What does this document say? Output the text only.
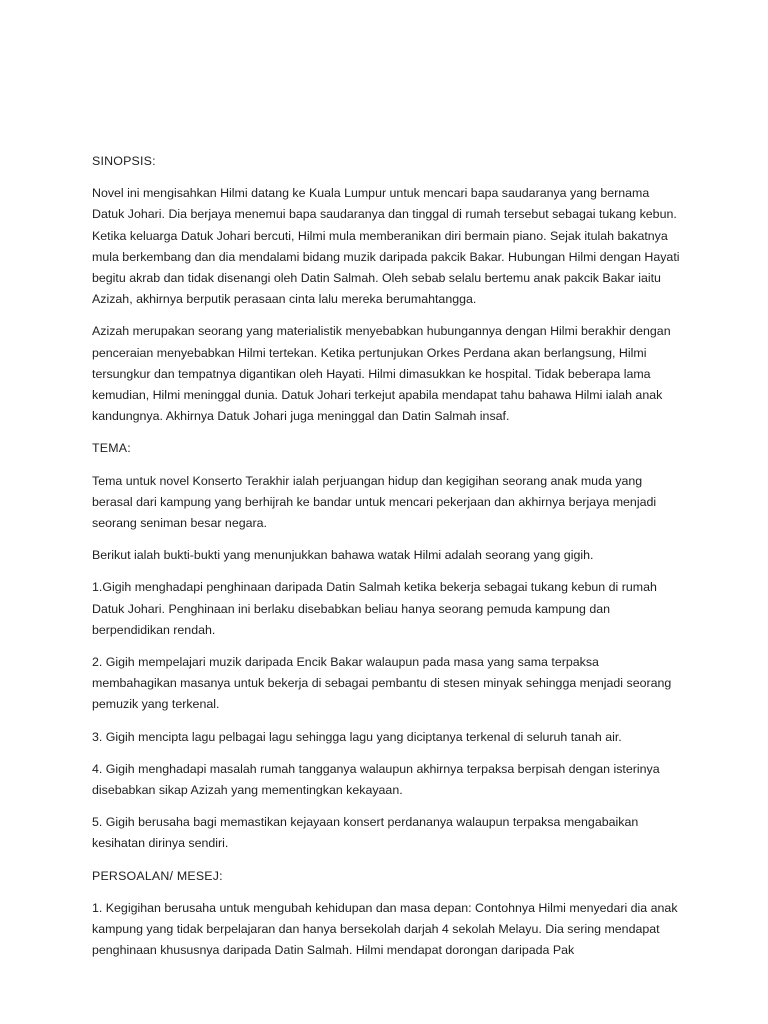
SINOPSIS:

Novel ini mengisahkan Hilmi datang ke Kuala Lumpur untuk mencari bapa saudaranya yang bernama Datuk Johari. Dia berjaya menemui bapa saudaranya dan tinggal di rumah tersebut sebagai tukang kebun. Ketika keluarga Datuk Johari bercuti, Hilmi mula memberanikan diri bermain piano. Sejak itulah bakatnya mula berkembang dan dia mendalami bidang muzik daripada pakcik Bakar. Hubungan Hilmi dengan Hayati begitu akrab dan tidak disenangi oleh Datin Salmah. Oleh sebab selalu bertemu anak pakcik Bakar iaitu Azizah, akhirnya berputik perasaan cinta lalu mereka berumahtangga.

Azizah merupakan seorang yang materialistik menyebabkan hubungannya dengan Hilmi berakhir dengan penceraian menyebabkan Hilmi tertekan. Ketika pertunjukan Orkes Perdana akan berlangsung, Hilmi tersungkur dan tempatnya digantikan oleh Hayati. Hilmi dimasukkan ke hospital. Tidak beberapa lama kemudian, Hilmi meninggal dunia. Datuk Johari terkejut apabila mendapat tahu bahawa Hilmi ialah anak kandungnya. Akhirnya Datuk Johari juga meninggal dan Datin Salmah insaf.

TEMA:

Tema untuk novel Konserto Terakhir ialah perjuangan hidup dan kegigihan seorang anak muda yang berasal dari kampung yang berhijrah ke bandar untuk mencari pekerjaan dan akhirnya berjaya menjadi seorang seniman besar negara.

Berikut ialah bukti-bukti yang menunjukkan bahawa watak Hilmi adalah seorang yang gigih.

1.Gigih menghadapi penghinaan daripada Datin Salmah ketika bekerja sebagai tukang kebun di rumah Datuk Johari. Penghinaan ini berlaku disebabkan beliau hanya seorang pemuda kampung dan berpendidikan rendah.

2. Gigih mempelajari muzik daripada Encik Bakar walaupun pada masa yang sama terpaksa membahagikan masanya untuk bekerja di sebagai pembantu di stesen minyak sehingga menjadi seorang pemuzik yang terkenal.

3. Gigih mencipta lagu pelbagai lagu sehingga lagu yang diciptanya terkenal di seluruh tanah air.

4. Gigih menghadapi masalah rumah tangganya walaupun akhirnya terpaksa berpisah dengan isterinya disebabkan sikap Azizah yang mementingkan kekayaan.

5. Gigih berusaha bagi memastikan kejayaan konsert perdananya walaupun terpaksa mengabaikan kesihatan dirinya sendiri.

PERSOALAN/ MESEJ:

1. Kegigihan berusaha untuk mengubah kehidupan dan masa depan: Contohnya Hilmi menyedari dia anak kampung yang tidak berpelajaran dan hanya bersekolah darjah 4 sekolah Melayu. Dia sering mendapat penghinaan khususnya daripada Datin Salmah. Hilmi mendapat dorongan daripada Pak
